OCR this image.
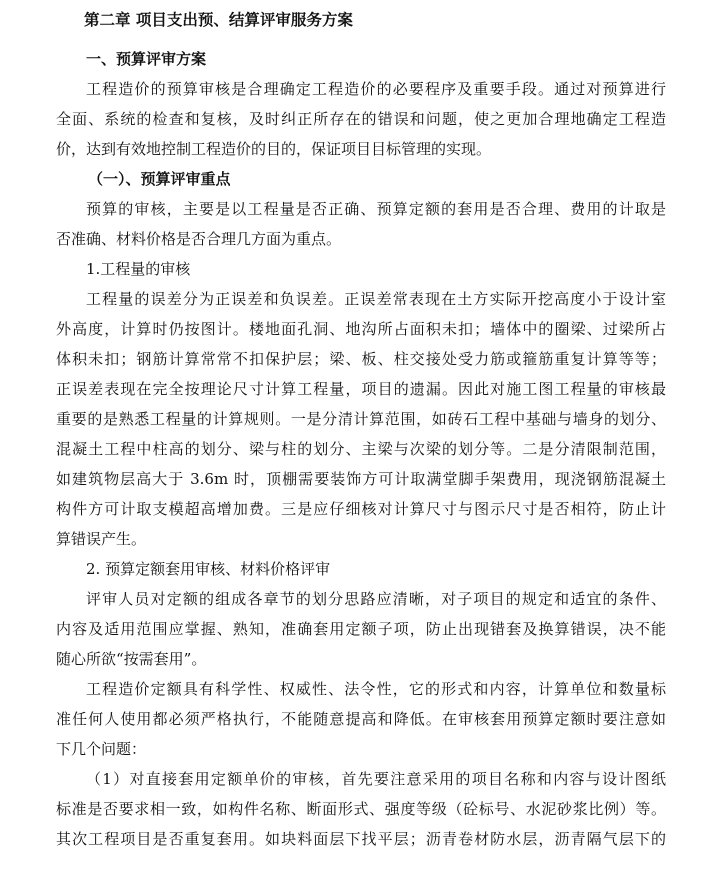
第二章 项目支出预、结算评审服务方案
一、预算评审方案
工程造价的预算审核是合理确定工程造价的必要程序及重要手段。通过对预算进行
全面、系统的检查和复核，及时纠正所存在的错误和问题，使之更加合理地确定工程造
价，达到有效地控制工程造价的目的，保证项目目标管理的实现。
（一）、预算评审重点
预算的审核，主要是以工程量是否正确、预算定额的套用是否合理、费用的计取是
否准确、材料价格是否合理几方面为重点。
1.工程量的审核
工程量的误差分为正误差和负误差。正误差常表现在土方实际开挖高度小于设计室
外高度，计算时仍按图计。楼地面孔洞、地沟所占面积未扣；墙体中的圈梁、过梁所占
体积未扣；钢筋计算常常不扣保护层；梁、板、柱交接处受力筋或箍筋重复计算等等；
正误差表现在完全按理论尺寸计算工程量，项目的遗漏。因此对施工图工程量的审核最
重要的是熟悉工程量的计算规则。一是分清计算范围，如砖石工程中基础与墙身的划分、
混凝土工程中柱高的划分、梁与柱的划分、主梁与次梁的划分等。二是分清限制范围，
如建筑物层高大于 3.6m 时，顶棚需要装饰方可计取满堂脚手架费用，现浇钢筋混凝土
构件方可计取支模超高增加费。三是应仔细核对计算尺寸与图示尺寸是否相符，防止计
算错误产生。
2. 预算定额套用审核、材料价格评审
评审人员对定额的组成各章节的划分思路应清晰，对子项目的规定和适宜的条件、
内容及适用范围应掌握、熟知，准确套用定额子项，防止出现错套及换算错误，决不能
随心所欲“按需套用”。
工程造价定额具有科学性、权威性、法令性，它的形式和内容，计算单位和数量标
准任何人使用都必须严格执行，不能随意提高和降低。在审核套用预算定额时要注意如
下几个问题：
（1）对直接套用定额单价的审核，首先要注意采用的项目名称和内容与设计图纸
标准是否要求相一致，如构件名称、断面形式、强度等级（砼标号、水泥砂浆比例）等。
其次工程项目是否重复套用。如块料面层下找平层；沥青卷材防水层，沥青隔气层下的
